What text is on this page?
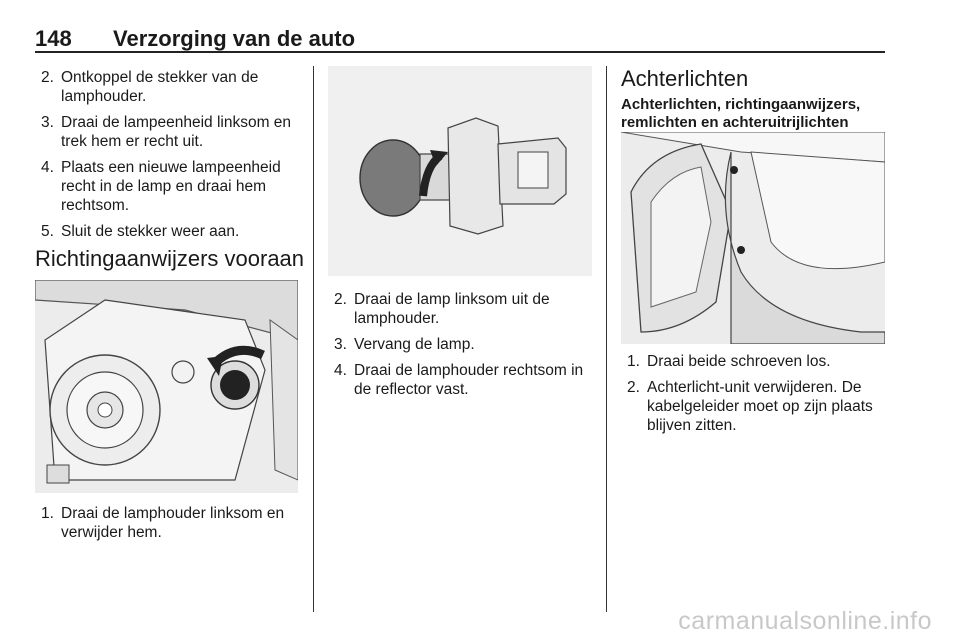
148 Verzorging van de auto
2. Ontkoppel de stekker van de lamphouder.
3. Draai de lampeenheid linksom en trek hem er recht uit.
4. Plaats een nieuwe lampeenheid recht in de lamp en draai hem rechtsom.
5. Sluit de stekker weer aan.
Richtingaanwijzers vooraan
1. Draai de lamphouder linksom en verwijder hem.
2. Draai de lamp linksom uit de lamphouder.
3. Vervang de lamp.
4. Draai de lamphouder rechtsom in de reflector vast.
Achterlichten
Achterlichten, richtingaanwijzers, remlichten en achteruitrijlichten
1. Draai beide schroeven los.
2. Achterlicht-unit verwijderen. De kabelgeleider moet op zijn plaats blijven zitten.
carmanualsonline.info
